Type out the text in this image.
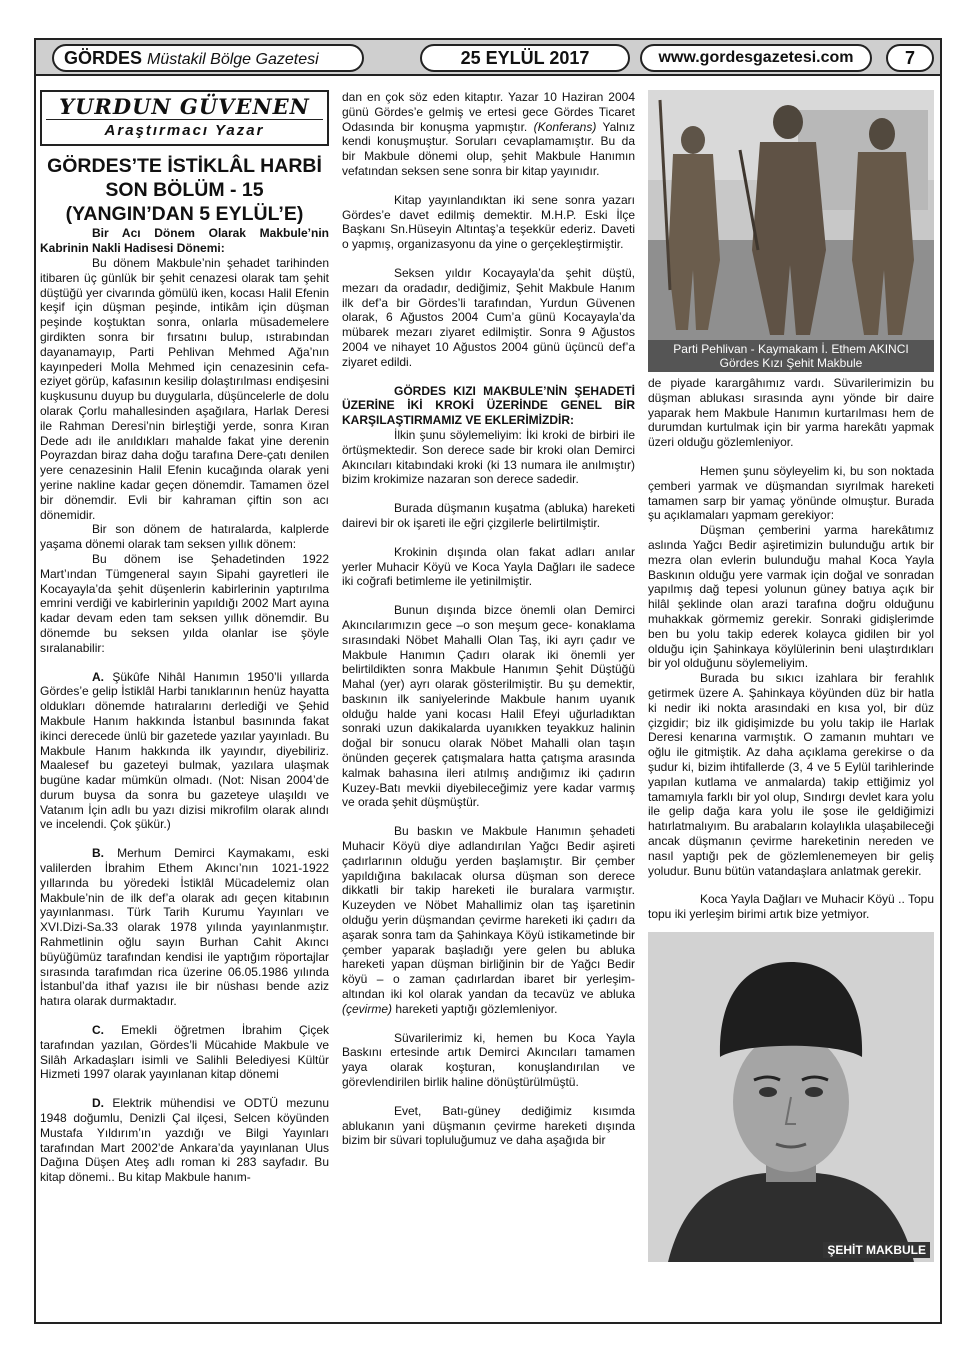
GÖRDES Müstakil Bölge Gazetesi	25 EYLÜL 2017	www.gordesgazetesi.com	7
YURDUN GÜVENEN
Araştırmacı Yazar
GÖRDES’TE İSTİKLÂL HARBİ
SON BÖLÜM - 15
(YANGIN’DAN 5 EYLÜL’E)
Bir Acı Dönem Olarak Makbule’nin Kabrinin Nakli Hadisesi Dönemi:

Bu dönem Makbule’nin şehadet tarihinden itibaren üç günlük bir şehit cenazesi olarak tam şehit düştüğü yer civarında gömülü iken, kocası Halil Efenin keşif için düşman peşinde, intikâm için düşman peşinde koştuktan sonra, onlarla müsademelere girdikten sonra bir fırsatını bulup, ıstırabından dayanamayıp, Parti Pehlivan Mehmed Ağa’nın kayınpederi Molla Mehmed için cenazesinin cefa-eziyet görüp, kafasının kesilip dolaştırılması endişesini kuşkusunu duyup bu duygularla, düşüncelerle de dolu olarak Çorlu mahallesinden aşağılara, Harlak Deresi ile Rahman Deresi’nin birleştiği yerde, sonra Kıran Dede adı ile anıldıkları mahalde fakat yine derenin Poyrazdan biraz daha doğu tarafına Dere-çatı denilen yere cenazesinin Halil Efenin kucağında olarak yeni yerine nakline kadar geçen dönemdir. Tamamen özel bir dönemdir. Evli bir kahraman çiftin son acı dönemidir.

Bir son dönem de hatıralarda, kalplerde yaşama dönemi olarak tam seksen yıllık dönem:

Bu dönem ise Şehadetinden 1922 Mart’ından Tümgeneral sayın Sipahi gayretleri ile Kocayayla’da şehit düşenlerin kabirlerinin yaptırılma emrini verdiği ve kabirlerinin yapıldığı 2002 Mart ayına kadar devam eden tam seksen yıllık dönemdir. Bu dönemde bu seksen yılda olanlar ise şöyle sıralanabilir:

A. Şükûfe Nihâl Hanımın 1950’li yıllarda Gördes’e gelip İstiklâl Harbi tanıklarının henüz hayatta oldukları dönemde hatıralarını derlediği ve Şehid Makbule Hanım hakkında İstanbul basınında fakat ikinci derecede ünlü bir gazetede yazılar yayınladı. Bu Makbule Hanım hakkında ilk yayındır, diyebiliriz. Maalesef bu gazeteyi bulmak, yazılara ulaşmak bugüne kadar mümkün olmadı. (Not: Nisan 2004’de durum buysa da sonra bu gazeteye ulaşıldı ve Vatanım İçin adlı bu yazı dizisi mikrofilm olarak alındı ve incelendi. Çok şükür.)

B. Merhum Demirci Kaymakamı, eski valilerden İbrahim Ethem Akıncı’nın 1021-1922 yıllarında bu yöredeki İstiklâl Mücadelemiz olan Makbule’nin de ilk def’a olarak adı geçen kitabının yayınlanması. Türk Tarih Kurumu Yayınları ve XVI.Dizi-Sa.33 olarak 1978 yılında yayınlanmıştır. Rahmetlinin oğlu sayın Burhan Cahit Akıncı büyüğümüz tarafından kendisi ile yaptığım röportajlar sırasında tarafımdan rica üzerine 06.05.1986 yılında İstanbul’da ithaf yazısı ile bir nüshası bende aziz hatıra olarak durmaktadır.

C. Emekli öğretmen İbrahim Çiçek tarafından yazılan, Gördes’li Mücahide Makbule ve Silâh Arkadaşları isimli ve Salihli Belediyesi Kültür Hizmeti 1997 olarak yayınlanan kitap dönemi

D. Elektrik mühendisi ve ODTÜ mezunu 1948 doğumlu, Denizli Çal ilçesi, Selcen köyünden Mustafa Yıldırım’ın yazdığı ve Bilgi Yayınları tarafından Mart 2002’de Ankara’da yayınlanan Ulus Dağına Düşen Ateş adlı roman ki 283 sayfadır. Bu kitap dönemi.. Bu kitap Makbule hanım-

dan en çok söz eden kitaptır. Yazar 10 Haziran 2004 günü Gördes’e gelmiş ve ertesi gece Gördes Ticaret Odasında bir konuşma yapmıştır. (Konferans) Yalnız kendi konuşmuştur. Soruları cevaplamamıştır. Bu da bir Makbule dönemi olup, şehit Makbule Hanımın vefatından seksen sene sonra bir kitap yayınıdır.

Kitap yayınlandıktan iki sene sonra yazarı Gördes’e davet edilmiş demektir. M.H.P. Eski İlçe Başkanı Sn.Hüseyin Altıntaş’a teşekkür ederiz. Daveti o yapmış, organizasyonu da yine o gerçekleştirmiştir.

Seksen yıldır Kocayayla’da şehit düştü, mezarı da oradadır, dediğimiz, Şehit Makbule Hanım ilk def’a bir Gördes’li tarafından, Yurdun Güvenen olarak, 6 Ağustos 2004 Cum’a günü Kocayayla’da mübarek mezarı ziyaret edilmiştir. Sonra 9 Ağustos 2004 ve nihayet 10 Ağustos 2004 günü üçüncü def’a ziyaret edildi.

GÖRDES KIZI MAKBULE’NİN ŞEHADETİ ÜZERİNE İKİ KROKİ ÜZERİNDE GENEL BİR KARŞILAŞTIRMAMIZ VE EKLERİMİZDİR:

İlkin şunu söylemeliyim: İki kroki de birbiri ile örtüşmektedir. Son derece sade bir kroki olan Demirci Akıncıları kitabındaki kroki (ki 13 numara ile anılmıştır) bizim krokimize nazaran son derece sadedir.

Burada düşmanın kuşatma (abluka) hareketi dairevi bir ok işareti ile eğri çizgilerle belirtilmiştir.

Krokinin dışında olan fakat adları anılar yerler Muhacir Köyü ve Koca Yayla Dağları ile sadece iki coğrafi betimleme ile yetinilmiştir.

Bunun dışında bizce önemli olan Demirci Akıncılarımızın gece –o son meşum gece- konaklama sırasındaki Nöbet Mahalli Olan Taş, iki ayrı çadır ve Makbule Hanımın Çadırı olarak iki önemli yer belirtildikten sonra Makbule Hanımın Şehit Düştüğü Mahal (yer) ayrı olarak gösterilmiştir. Bu şu demektir, baskının ilk saniyelerinde Makbule hanım uyanık olduğu halde yani kocası Halil Efeyi uğurladıktan sonraki uzun dakikalarda uyanıkken teyakkuz halinin doğal bir sonucu olarak Nöbet Mahalli olan taşın önünden geçerek çatışmalara hatta çatışma arasında kalmak bahasına ileri atılmış andığımız iki çadırın Kuzey-Batı mevkii diyebileceğimiz yere kadar varmış ve orada şehit düşmüştür.

Bu baskın ve Makbule Hanımın şehadeti Muhacir Köyü diye adlandırılan Yağcı Bedir aşireti çadırlarının olduğu yerden başlamıştır. Bir çember yapıldığına bakılacak olursa düşman son derece dikkatli bir takip hareketi ile buralara varmıştır. Kuzeyden ve Nöbet Mahallimiz olan taş işaretinin olduğu yerin düşmandan çevirme hareketi iki çadırı da aşarak sonra tam da Şahinkaya Köyü istikametinde bir çember yaparak başladığı yere gelen bu abluka hareketi yapan düşman birliğinin bir de Yağcı Bedir köyü – o zaman çadırlardan ibaret bir yerleşim- altından iki kol olarak yandan da tecavüz ve abluka (çevirme) hareketi yaptığı gözlemleniyor.

Süvarilerimiz ki, hemen bu Koca Yayla Baskını ertesinde artık Demirci Akıncıları tamamen yaya olarak koşturan, konuşlandırılan ve görevlendirilen birlik haline dönüştürülmüştü.

Evet, Batı-güney dediğimiz kısımda ablukanın yani düşmanın çevirme hareketi dışında bizim bir süvari topluluğumuz ve daha aşağıda bir

Parti Pehlivan - Kaymakam İ. Ethem AKINCI
Gördes Kızı Şehit Makbule

de piyade karargâhımız vardı. Süvarilerimizin bu düşman ablukası sırasında aynı yönde bir daire yaparak hem Makbule Hanımın kurtarılması hem de durumdan kurtulmak için bir yarma harekâtı yapmak üzeri olduğu gözlemleniyor.

Hemen şunu söyleyelim ki, bu son noktada çemberi yarmak ve düşmandan sıyrılmak hareketi tamamen sarp bir yamaç yönünde olmuştur. Burada şu açıklamaları yapmam gerekiyor:

Düşman çemberini yarma harekâtımız aslında Yağcı Bedir aşiretimizin bulunduğu artık bir mezra olan evlerin bulunduğu mahal Koca Yayla Baskının olduğu yere varmak için doğal ve sonradan yapılmış dağ tepesi yolunun güney batıya açık bir hilâl şeklinde olan arazi tarafına doğru olduğunu muhakkak görmemiz gerekir. Sonraki gidişlerimde ben bu yolu takip ederek kolayca gidilen bir yol olduğu için Şahinkaya köylülerinin beni ulaştırdıkları bir yol olduğunu söylemeliyim.

Burada bu sıkıcı izahlara bir ferahlık getirmek üzere A. Şahinkaya köyünden düz bir hatla ki nedir iki nokta arasındaki en kısa yol, bir düz çizgidir; biz ilk gidişimizde bu yolu takip ile Harlak Deresi kenarına varmıştık. O zamanın muhtarı ve oğlu ile gitmiştik. Az daha açıklama gerekirse o da şudur ki, bizim ihtifallerde (3, 4 ve 5 Eylül tarihlerinde yapılan kutlama ve anmalarda) takip ettiğimiz yol tamamıyla farklı bir yol olup, Sındırgı devlet kara yolu ile gelip dağa kara yolu ile şose ile geldiğimizi hatırlatmalıyım. Bu arabaların kolaylıkla ulaşabileceği ancak düşmanın çevirme hareketinin nereden ve nasıl yaptığı pek de gözlemlenemeyen bir geliş yoludur. Bunu bütün vatandaşlara anlatmak gerekir.

Koca Yayla Dağları ve Muhacir Köyü .. Topu topu iki yerleşim birimi artık bize yetmiyor.

ŞEHİT MAKBULE
